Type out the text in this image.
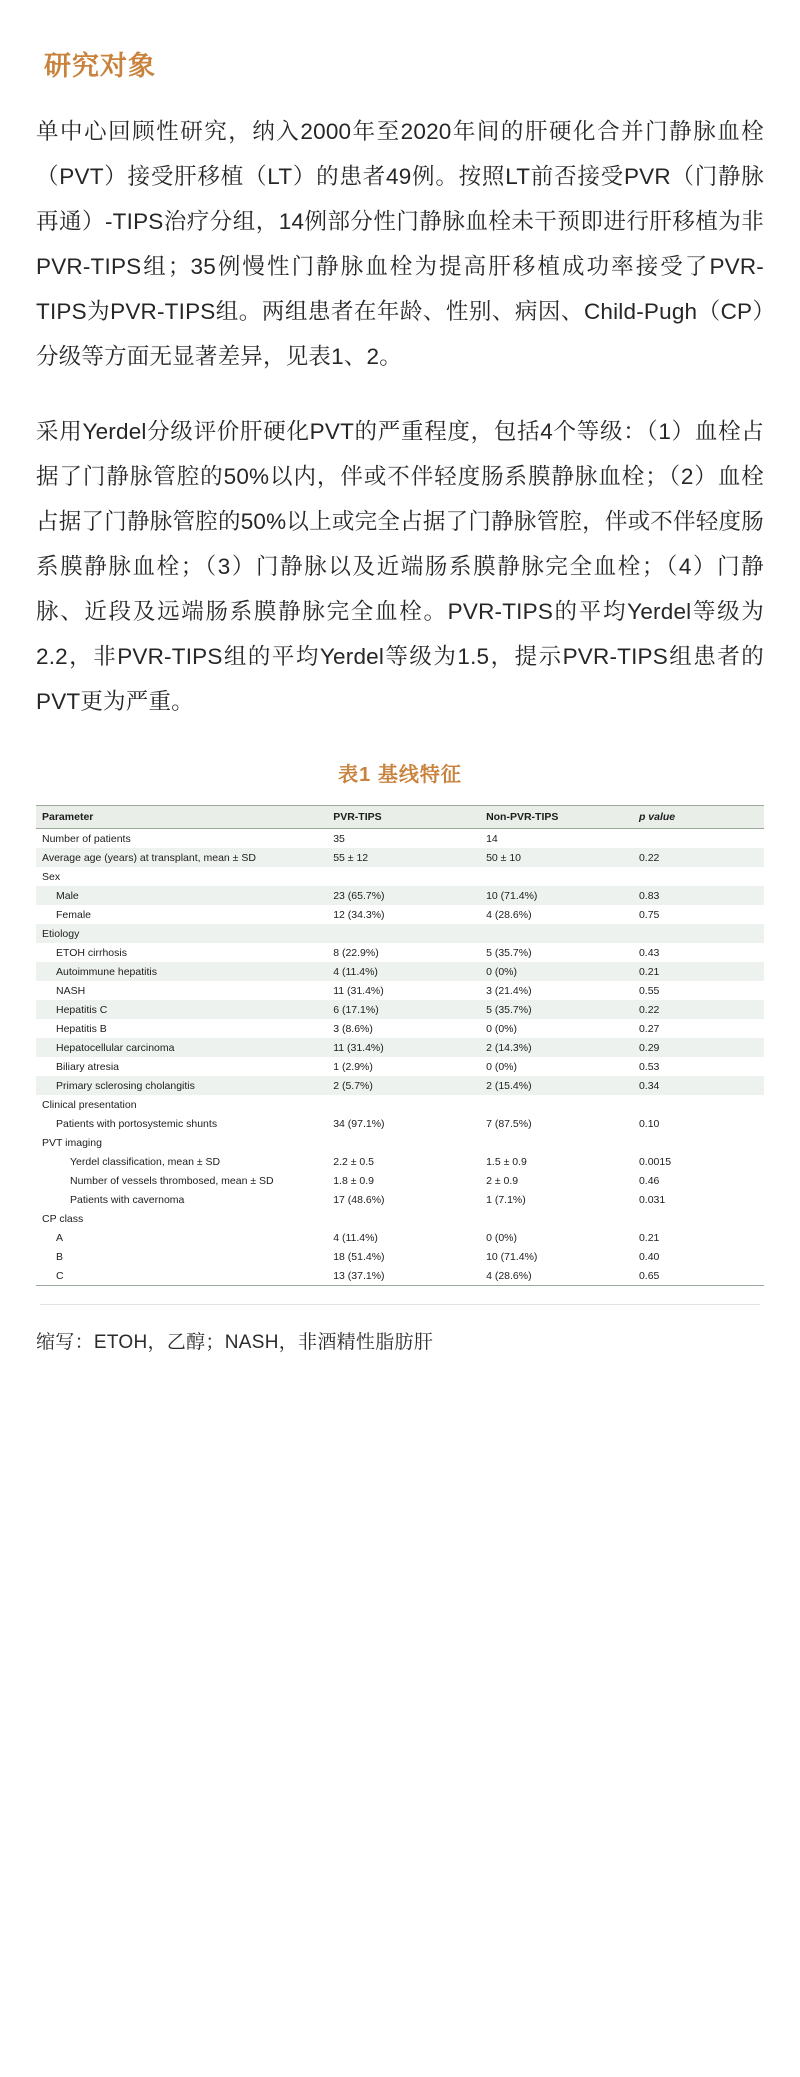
研究对象
单中心回顾性研究，纳入2000年至2020年间的肝硬化合并门静脉血栓（PVT）接受肝移植（LT）的患者49例。按照LT前否接受PVR（门静脉再通）-TIPS治疗分组，14例部分性门静脉血栓未干预即进行肝移植为非PVR-TIPS组；35例慢性门静脉血栓为提高肝移植成功率接受了PVR-TIPS为PVR-TIPS组。两组患者在年龄、性别、病因、Child-Pugh（CP）分级等方面无显著差异，见表1、2。
采用Yerdel分级评价肝硬化PVT的严重程度，包括4个等级：（1）血栓占据了门静脉管腔的50%以内，伴或不伴轻度肠系膜静脉血栓；（2）血栓占据了门静脉管腔的50%以上或完全占据了门静脉管腔，伴或不伴轻度肠系膜静脉血栓；（3）门静脉以及近端肠系膜静脉完全血栓；（4）门静脉、近段及远端肠系膜静脉完全血栓。PVR-TIPS的平均Yerdel等级为2.2，非PVR-TIPS组的平均Yerdel等级为1.5，提示PVR-TIPS组患者的PVT更为严重。
表1 基线特征
Parameter	PVR-TIPS	Non-PVR-TIPS	p value
Number of patients	35	14	
Average age (years) at transplant, mean ± SD	55 ± 12	50 ± 10	0.22
Sex			
Male	23 (65.7%)	10 (71.4%)	0.83
Female	12 (34.3%)	4 (28.6%)	0.75
Etiology			
ETOH cirrhosis	8 (22.9%)	5 (35.7%)	0.43
Autoimmune hepatitis	4 (11.4%)	0 (0%)	0.21
NASH	11 (31.4%)	3 (21.4%)	0.55
Hepatitis C	6 (17.1%)	5 (35.7%)	0.22
Hepatitis B	3 (8.6%)	0 (0%)	0.27
Hepatocellular carcinoma	11 (31.4%)	2 (14.3%)	0.29
Biliary atresia	1 (2.9%)	0 (0%)	0.53
Primary sclerosing cholangitis	2 (5.7%)	2 (15.4%)	0.34
Clinical presentation			
Patients with portosystemic shunts	34 (97.1%)	7 (87.5%)	0.10
PVT imaging			
Yerdel classification, mean ± SD	2.2 ± 0.5	1.5 ± 0.9	0.0015
Number of vessels thrombosed, mean ± SD	1.8 ± 0.9	2 ± 0.9	0.46
Patients with cavernoma	17 (48.6%)	1 (7.1%)	0.031
CP class			
A	4 (11.4%)	0 (0%)	0.21
B	18 (51.4%)	10 (71.4%)	0.40
C	13 (37.1%)	4 (28.6%)	0.65
缩写：ETOH，乙醇；NASH，非酒精性脂肪肝
